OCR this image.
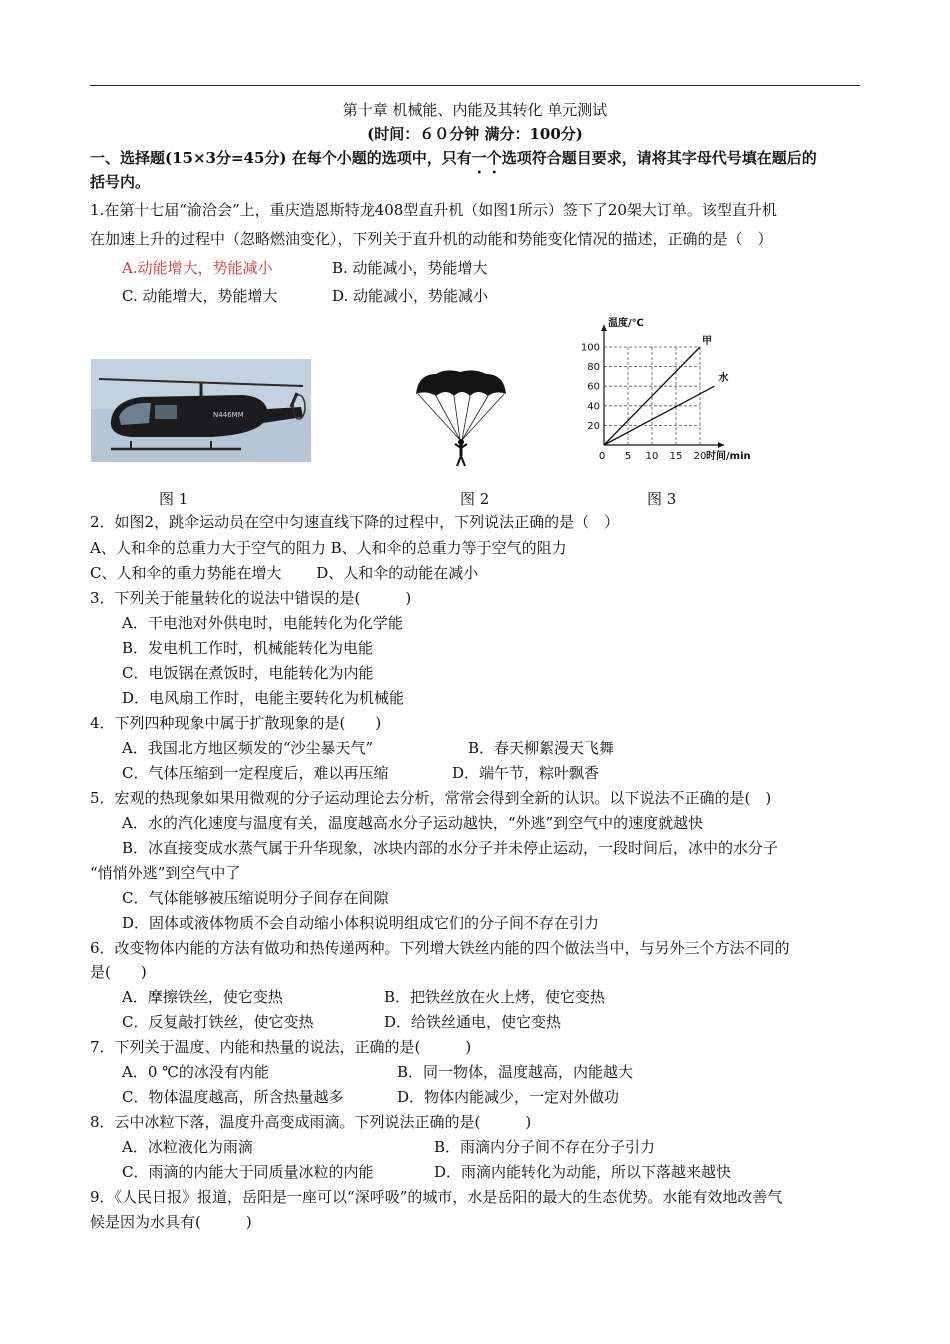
第十章 机械能、内能及其转化 单元测试
(时间：６０分钟 满分：100分)
一、选择题(15×3分=45分) 在每个小题的选项中，只有一个选项符合题目要求，请将其字母代号填在题后的
括号内。
1.在第十七届“渝洽会”上，重庆造恩斯特龙408型直升机（如图1所示）签下了20架大订单。该型直升机
在加速上升的过程中（忽略燃油变化），下列关于直升机的动能和势能变化情况的描述，正确的是（　）
A.动能增大，势能减小	B. 动能减小，势能增大
C. 动能增大，势能增大	D. 动能减小，势能减小
N446MM
0 5 10 15 20
20
40
60
80
100
温度/℃
时间/min
甲
水
图 1	图 2	图 3
2．如图2，跳伞运动员在空中匀速直线下降的过程中，下列说法正确的是（　）
A、人和伞的总重力大于空气的阻力 B、人和伞的总重力等于空气的阻力
C、人和伞的重力势能在增大　　 D、人和伞的动能在减小
3．下列关于能量转化的说法中错误的是(　　　)
A．干电池对外供电时，电能转化为化学能
B．发电机工作时，机械能转化为电能
C．电饭锅在煮饭时，电能转化为内能
D．电风扇工作时，电能主要转化为机械能
4．下列四种现象中属于扩散现象的是(　　)
A．我国北方地区频发的“沙尘暴天气”	B．春天柳絮漫天飞舞
C．气体压缩到一定程度后，难以再压缩	D．端午节，粽叶飘香
5．宏观的热现象如果用微观的分子运动理论去分析，常常会得到全新的认识。以下说法不正确的是(　)
A．水的汽化速度与温度有关，温度越高水分子运动越快，“外逃”到空气中的速度就越快
B．冰直接变成水蒸气属于升华现象，冰块内部的水分子并未停止运动，一段时间后，冰中的水分子
“悄悄外逃”到空气中了
C．气体能够被压缩说明分子间存在间隙
D．固体或液体物质不会自动缩小体积说明组成它们的分子间不存在引力
6．改变物体内能的方法有做功和热传递两种。下列增大铁丝内能的四个做法当中，与另外三个方法不同的
是(　　)
A．摩擦铁丝，使它变热	B．把铁丝放在火上烤，使它变热
C．反复敲打铁丝，使它变热	D．给铁丝通电，使它变热
7．下列关于温度、内能和热量的说法，正确的是(　　　)
A．0 ℃的冰没有内能	B．同一物体，温度越高，内能越大
C．物体温度越高，所含热量越多	D．物体内能减少，一定对外做功
8．云中冰粒下落，温度升高变成雨滴。下列说法正确的是(　　　)
A．冰粒液化为雨滴	B．雨滴内分子间不存在分子引力
C．雨滴的内能大于同质量冰粒的内能	D．雨滴内能转化为动能，所以下落越来越快
9．《人民日报》报道，岳阳是一座可以“深呼吸”的城市，水是岳阳的最大的生态优势。水能有效地改善气
候是因为水具有(　　　)
